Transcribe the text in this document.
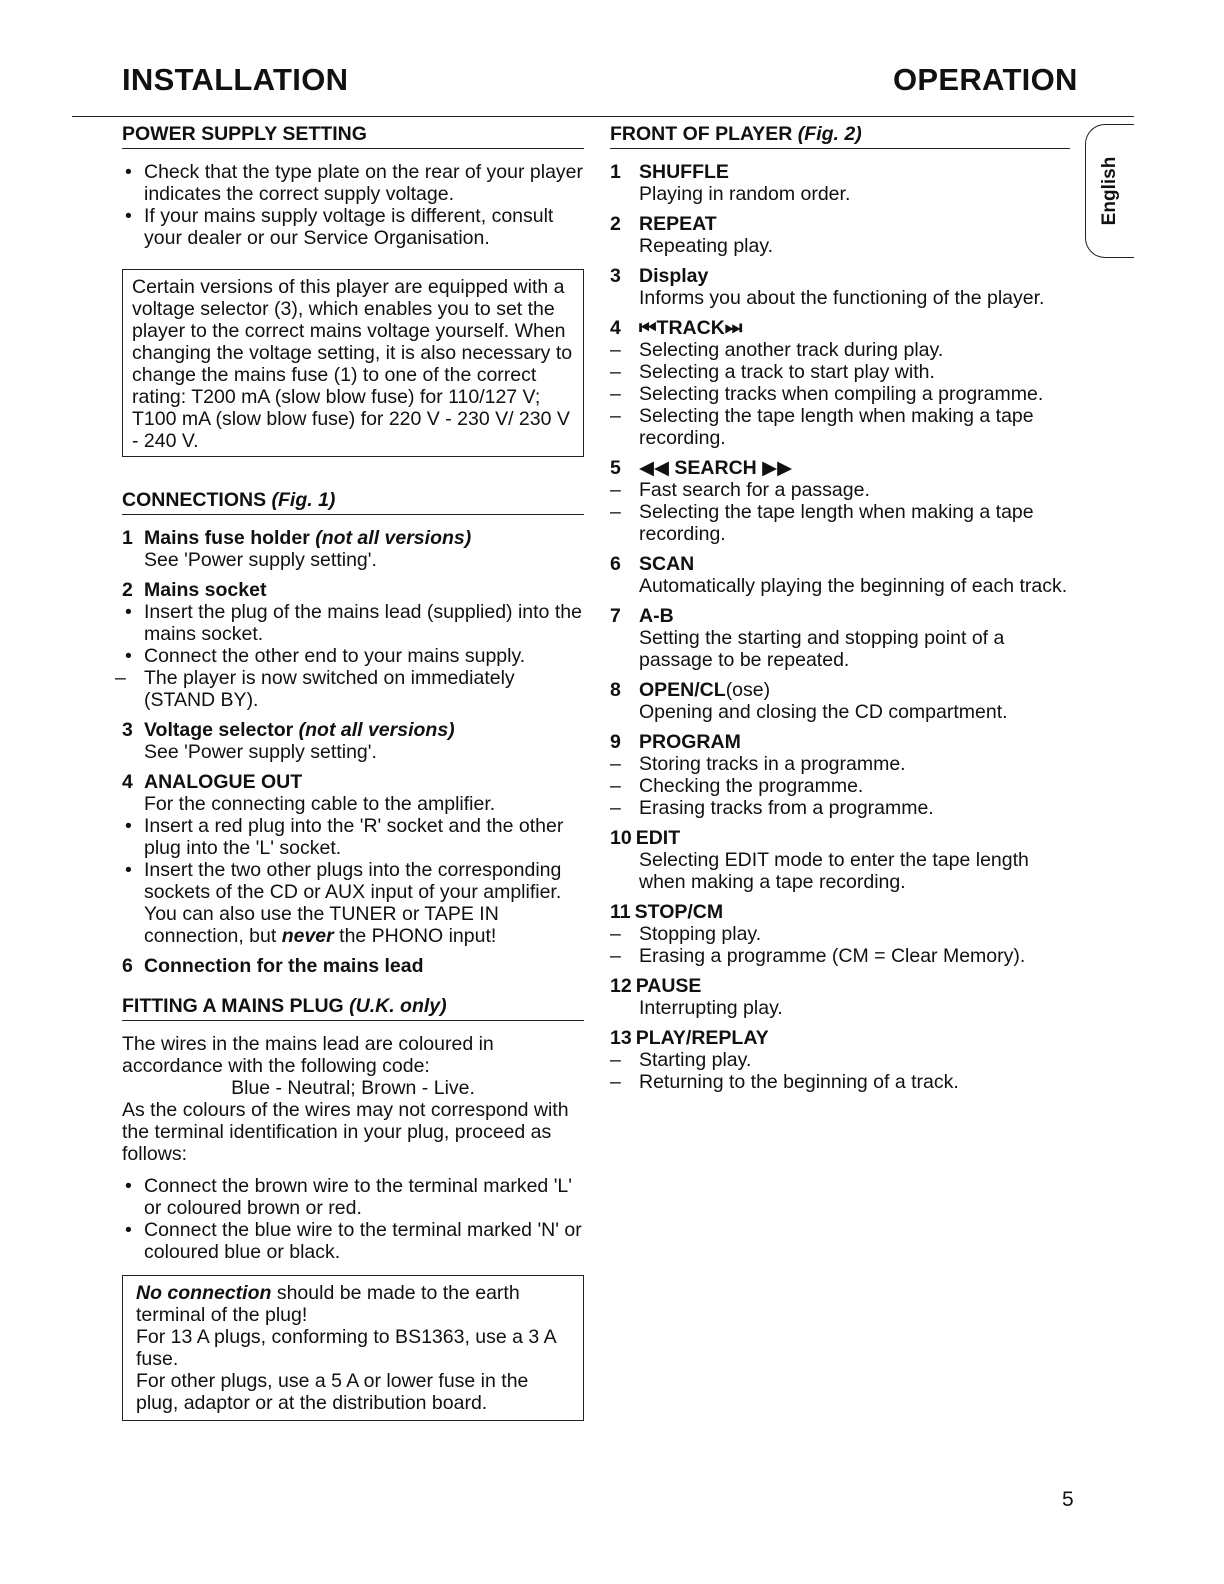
INSTALLATION	OPERATION
English
POWER SUPPLY SETTING
• Check that the type plate on the rear of your player indicates the correct supply voltage.
• If your mains supply voltage is different, consult your dealer or our Service Organisation.
Certain versions of this player are equipped with a voltage selector (3), which enables you to set the player to the correct mains voltage yourself. When changing the voltage setting, it is also necessary to change the mains fuse (1) to one of the correct rating: T200 mA (slow blow fuse) for 110/127 V; T100 mA (slow blow fuse) for 220 V - 230 V/ 230 V - 240 V.
CONNECTIONS (Fig. 1)
1 Mains fuse holder (not all versions)
See 'Power supply setting'.
2 Mains socket
• Insert the plug of the mains lead (supplied) into the mains socket.
• Connect the other end to your mains supply.
– The player is now switched on immediately (STAND BY).
3 Voltage selector (not all versions)
See 'Power supply setting'.
4 ANALOGUE OUT
For the connecting cable to the amplifier.
• Insert a red plug into the 'R' socket and the other plug into the 'L' socket.
• Insert the two other plugs into the corresponding sockets of the CD or AUX input of your amplifier. You can also use the TUNER or TAPE IN connection, but never the PHONO input!
6 Connection for the mains lead
FITTING A MAINS PLUG (U.K. only)
The wires in the mains lead are coloured in accordance with the following code:
Blue - Neutral; Brown - Live.
As the colours of the wires may not correspond with the terminal identification in your plug, proceed as follows:
• Connect the brown wire to the terminal marked 'L' or coloured brown or red.
• Connect the blue wire to the terminal marked 'N' or coloured blue or black.
No connection should be made to the earth terminal of the plug!
For 13 A plugs, conforming to BS1363, use a 3 A fuse.
For other plugs, use a 5 A or lower fuse in the plug, adaptor or at the distribution board.
FRONT OF PLAYER (Fig. 2)
1 SHUFFLE
Playing in random order.
2 REPEAT
Repeating play.
3 Display
Informs you about the functioning of the player.
4 ⏮TRACK⏭
– Selecting another track during play.
– Selecting a track to start play with.
– Selecting tracks when compiling a programme.
– Selecting the tape length when making a tape recording.
5 ◀◀ SEARCH ▶▶
– Fast search for a passage.
– Selecting the tape length when making a tape recording.
6 SCAN
Automatically playing the beginning of each track.
7 A-B
Setting the starting and stopping point of a passage to be repeated.
8 OPEN/CL(ose)
Opening and closing the CD compartment.
9 PROGRAM
– Storing tracks in a programme.
– Checking the programme.
– Erasing tracks from a programme.
10 EDIT
Selecting EDIT mode to enter the tape length when making a tape recording.
11 STOP/CM
– Stopping play.
– Erasing a programme (CM = Clear Memory).
12 PAUSE
Interrupting play.
13 PLAY/REPLAY
– Starting play.
– Returning to the beginning of a track.
5
